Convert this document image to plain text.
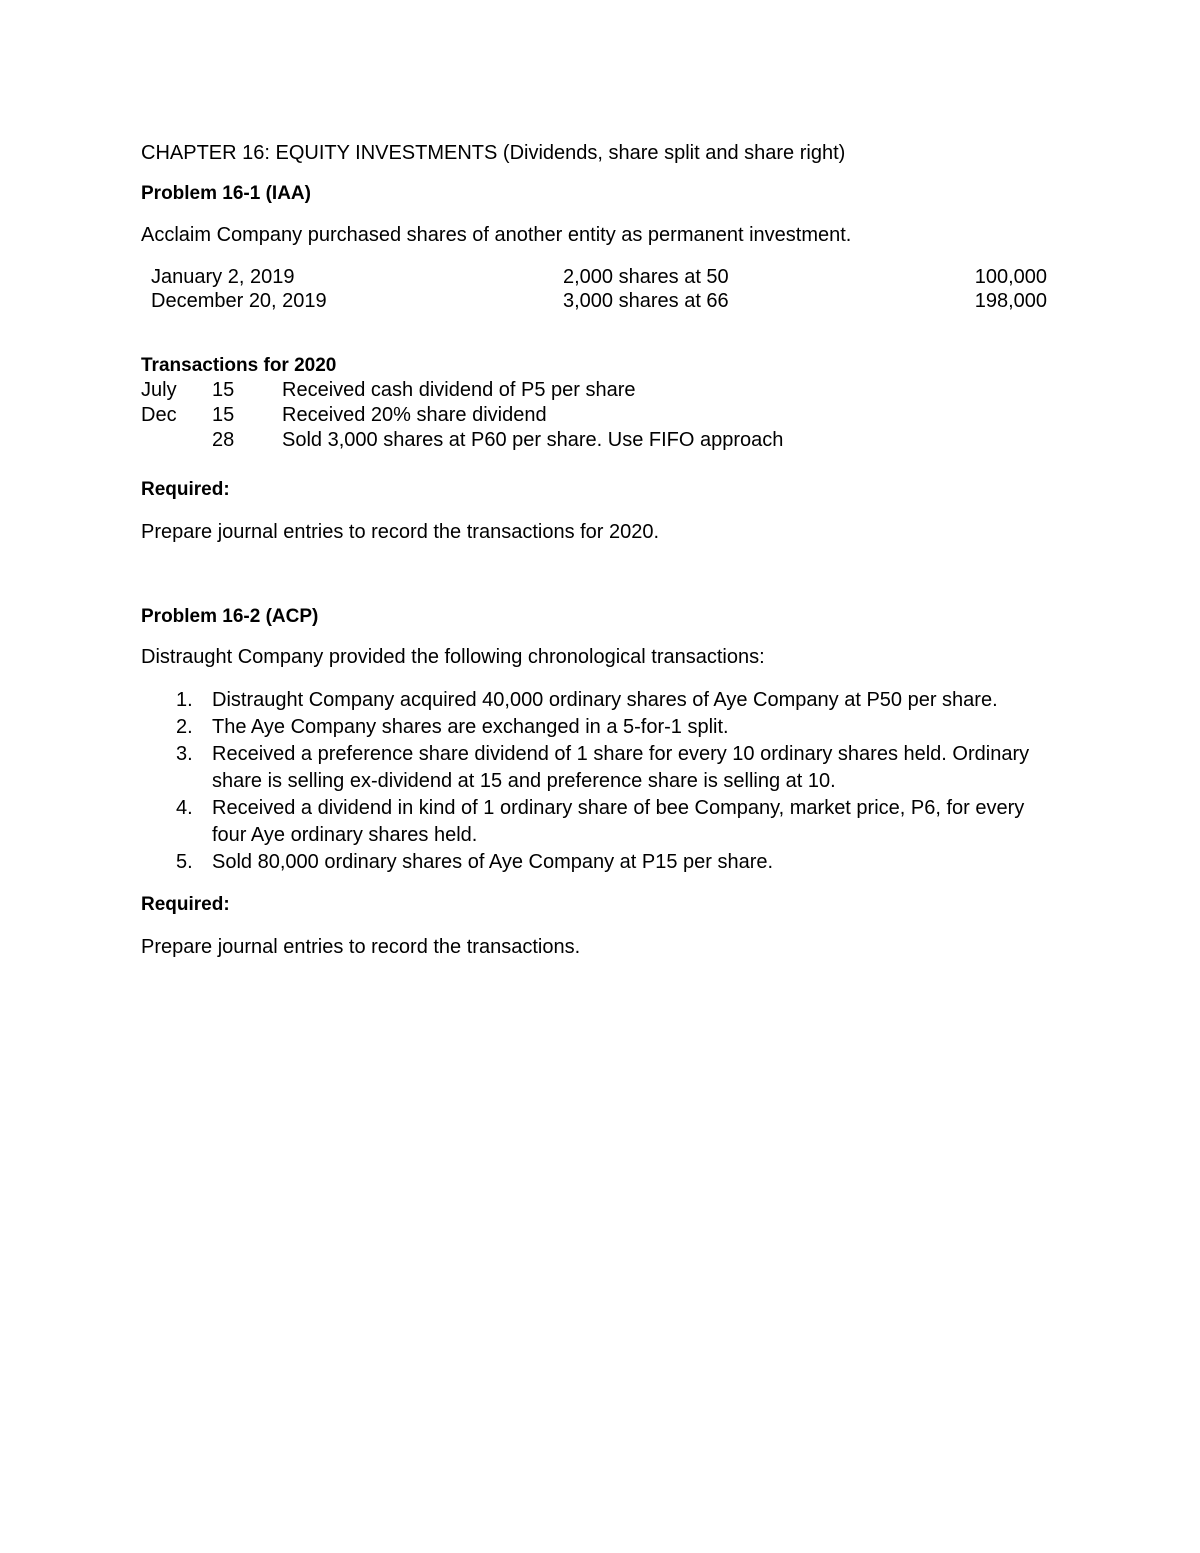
CHAPTER 16: EQUITY INVESTMENTS (Dividends, share split and share right)

Problem 16-1 (IAA)

Acclaim Company purchased shares of another entity as permanent investment.

January 2, 2019	2,000 shares at 50	100,000
December 20, 2019	3,000 shares at 66	198,000

Transactions for 2020

July	15	Received cash dividend of P5 per share
Dec	15	Received 20% share dividend
	28	Sold 3,000 shares at P60 per share. Use FIFO approach

Required:

Prepare journal entries to record the transactions for 2020.

Problem 16-2 (ACP)

Distraught Company provided the following chronological transactions:

1. Distraught Company acquired 40,000 ordinary shares of Aye Company at P50 per share.
2. The Aye Company shares are exchanged in a 5-for-1 split.
3. Received a preference share dividend of 1 share for every 10 ordinary shares held. Ordinary share is selling ex-dividend at 15 and preference share is selling at 10.
4. Received a dividend in kind of 1 ordinary share of bee Company, market price, P6, for every four Aye ordinary shares held.
5. Sold 80,000 ordinary shares of Aye Company at P15 per share.

Required:

Prepare journal entries to record the transactions.
